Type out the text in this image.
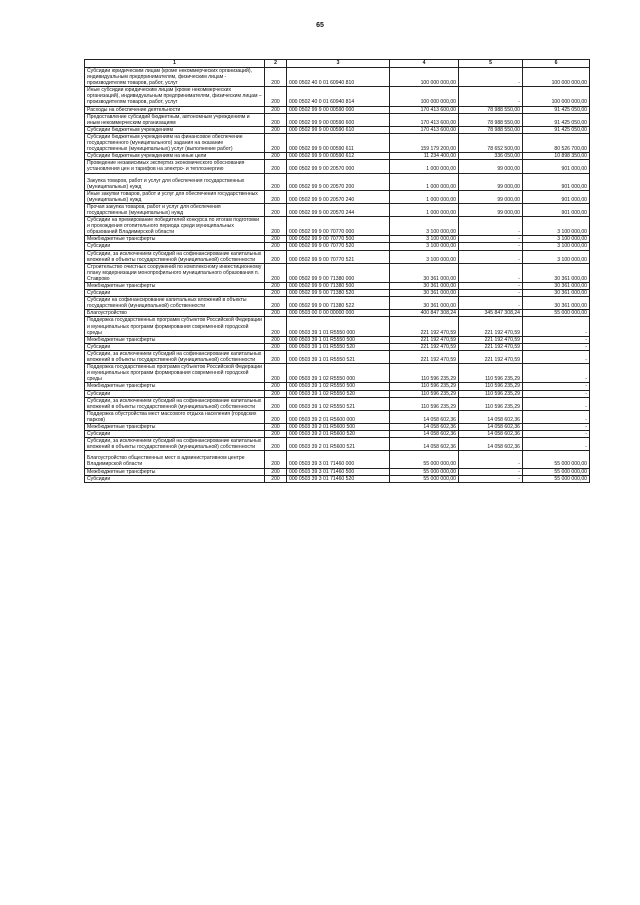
65
1	2	3	4	5	6
Субсидии юридическим лицам (кроме некоммерческих организаций), индивидуальным предпринимателям, физическим лицам - производителям товаров, работ, услуг	200	000 0502 40 0 01 60940 810	100 000 000,00	-	100 000 000,00
Иные субсидии юридическим лицам (кроме некоммерческих организаций), индивидуальным предпринимателям, физическим лицам – производителям товаров, работ, услуг	200	000 0502 40 0 01 60940 814	100 000 000,00	-	100 000 000,00
Расходы на обеспечение деятельности	200	000 0502 99 9 00 00590 000	170 413 600,00	78 988 550,00	91 425 050,00
Предоставление субсидий бюджетным, автономным учреждениям и иным некоммерческим организациям	200	000 0502 99 9 00 00590 600	170 413 600,00	78 988 550,00	91 425 050,00
Субсидии бюджетным учреждениям	200	000 0502 99 9 00 00590 610	170 413 600,00	78 988 550,00	91 425 050,00
Субсидии бюджетным учреждениям на финансовое обеспечение государственного (муниципального) задания на оказание государственных (муниципальных) услуг (выполнение работ)	200	000 0502 99 9 00 00590 611	159 179 200,00	78 652 500,00	80 526 700,00
Субсидии бюджетным учреждениям на иные цели	200	000 0502 99 9 00 00590 612	11 234 400,00	336 050,00	10 898 350,00
Проведение независимых экспертиз экономического обоснования установления цен и тарифов на электро- и теплоэнергию	200	000 0502 99 9 00 20570 000	1 000 000,00	99 000,00	901 000,00
Закупка товаров, работ и услуг для обеспечения государственных (муниципальных) нужд	200	000 0502 99 9 00 20570 200	1 000 000,00	99 000,00	901 000,00
Иные закупки товаров, работ и услуг для обеспечения государственных (муниципальных) нужд	200	000 0502 99 9 00 20570 240	1 000 000,00	99 000,00	901 000,00
Прочая закупка товаров, работ и услуг для обеспечения государственных (муниципальных) нужд	200	000 0502 99 9 00 20570 244	1 000 000,00	99 000,00	901 000,00
Субсидии на премирование победителей конкурса по итогам подготовки и прохождения отопительного периода среди муниципальных образований Владимирской области	200	000 0502 99 9 00 70770 000	3 100 000,00	-	3 100 000,00
Межбюджетные трансферты	200	000 0502 99 9 00 70770 500	3 100 000,00	-	3 100 000,00
Субсидии	200	000 0502 99 9 00 70770 520	3 100 000,00	-	3 100 000,00
Субсидии, за исключением субсидий на софинансирование капитальных вложений в объекты государственной (муниципальной) собственности	200	000 0502 99 9 00 70770 521	3 100 000,00	-	3 100 000,00
Строительство очистных сооружений по комплексному инвестиционному плану модернизации монопрофильного муниципального образования п. Ставрово	200	000 0502 99 9 00 71380 000	30 361 000,00	-	30 361 000,00
Межбюджетные трансферты	200	000 0502 99 9 00 71380 500	30 361 000,00	-	30 361 000,00
Субсидии	200	000 0502 99 9 00 71380 520	30 361 000,00	-	30 361 000,00
Субсидии на софинансирование капитальных вложений в объекты государственной (муниципальной) собственности	200	000 0502 99 9 00 71380 522	30 361 000,00	-	30 361 000,00
Благоустройство	200	000 0503 00 0 00 00000 000	400 847 308,24	345 847 308,24	55 000 000,00
Поддержка государственных программ субъектов Российской Федерации и муниципальных программ формирования современной городской среды	200	000 0503 39 1 01 R5550 000	221 192 470,59	221 192 470,59	-
Межбюджетные трансферты	200	000 0503 39 1 01 R5550 500	221 192 470,59	221 192 470,59	-
Субсидии	200	000 0503 39 1 01 R5550 520	221 192 470,59	221 192 470,59	-
Субсидии, за исключением субсидий на софинансирование капитальных вложений в объекты государственной (муниципальной) собственности	200	000 0503 39 1 01 R5550 521	221 192 470,59	221 192 470,59	-
Поддержка государственных программ субъектов Российской Федерации и муниципальных программ формирования современной городской среды	200	000 0503 39 1 02 R5550 000	110 596 235,29	110 596 235,29	-
Межбюджетные трансферты	200	000 0503 39 1 02 R5550 500	110 596 235,29	110 596 235,29	-
Субсидии	200	000 0503 39 1 02 R5550 520	110 596 235,29	110 596 235,29	-
Субсидии, за исключением субсидий на софинансирование капитальных вложений в объекты государственной (муниципальной) собственности	200	000 0503 39 1 02 R5550 521	110 596 235,29	110 596 235,29	-
Поддержка обустройства мест массового отдыха населения (городских парков)	200	000 0503 39 2 01 R5600 000	14 058 602,36	14 058 602,36	-
Межбюджетные трансферты	200	000 0503 39 2 01 R5600 500	14 058 602,36	14 058 602,36	-
Субсидии	200	000 0503 39 2 01 R5600 520	14 058 602,36	14 058 602,36	-
Субсидии, за исключением субсидий на софинансирование капитальных вложений в объекты государственной (муниципальной) собственности	200	000 0503 39 2 01 R5600 521	14 058 602,36	14 058 602,36	-
Благоустройство общественных мест в административном центре Владимирской области	200	000 0503 39 3 01 71460 000	55 000 000,00	-	55 000 000,00
Межбюджетные трансферты	200	000 0503 39 3 01 71460 500	55 000 000,00	-	55 000 000,00
Субсидии	200	000 0503 39 3 01 71460 520	55 000 000,00	-	55 000 000,00
